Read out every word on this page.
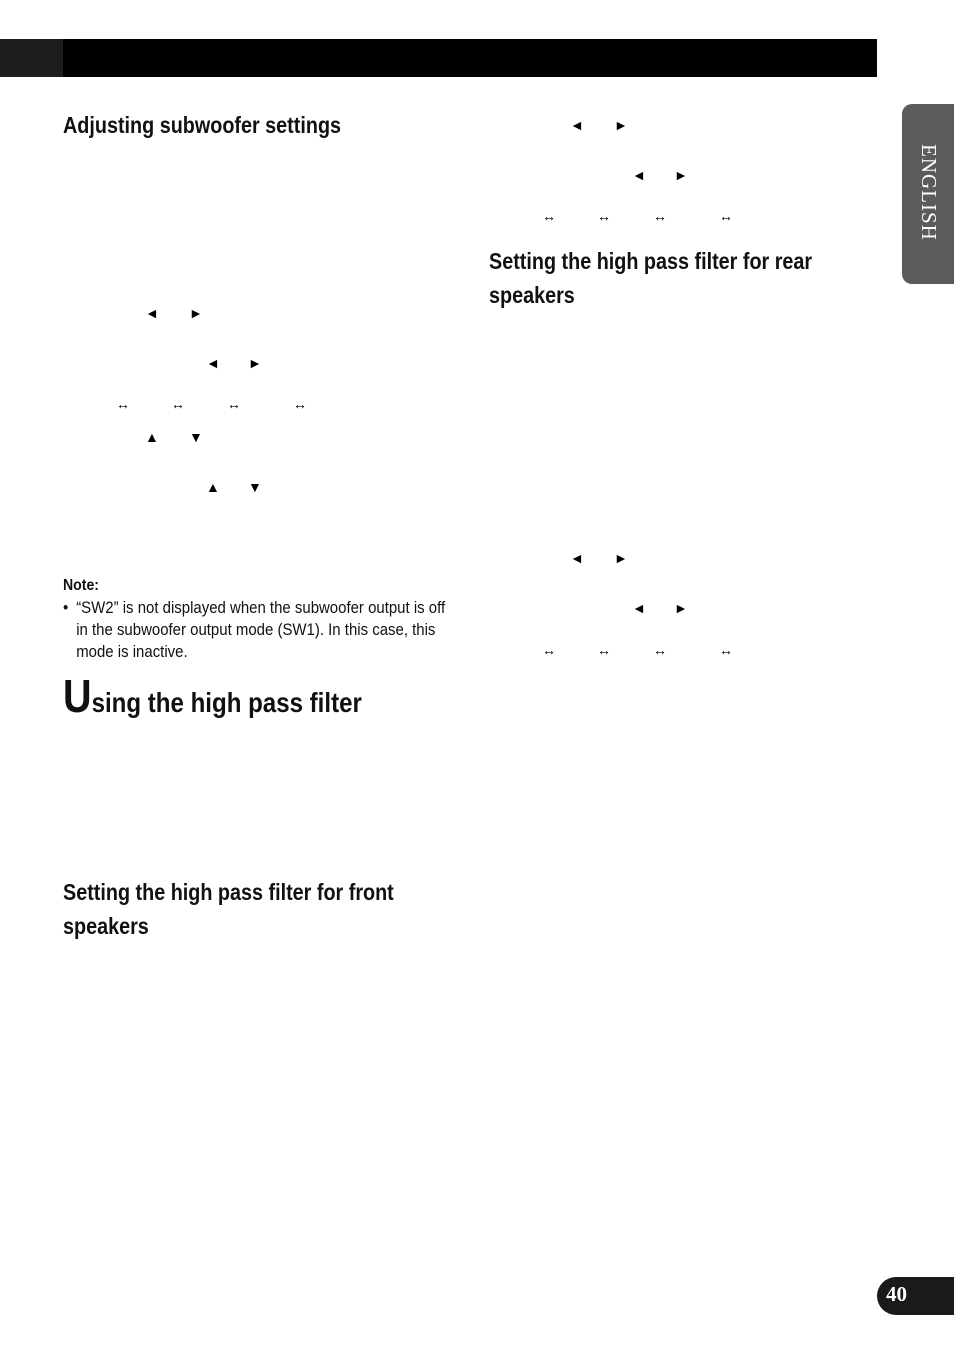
ENGLISH
Adjusting subwoofer settings
◄ ►
◄ ►
↔	↔	↔	↔
▲ ▼
▲ ▼
Note:
• “SW2” is not displayed when the subwoofer output is off in the subwoofer output mode (SW1). In this case, this mode is inactive.
Using the high pass filter
Setting the high pass filter for front speakers
◄ ►
◄ ►
↔	↔	↔	↔
Setting the high pass filter for rear speakers
◄ ►
◄ ►
↔	↔	↔	↔
40
